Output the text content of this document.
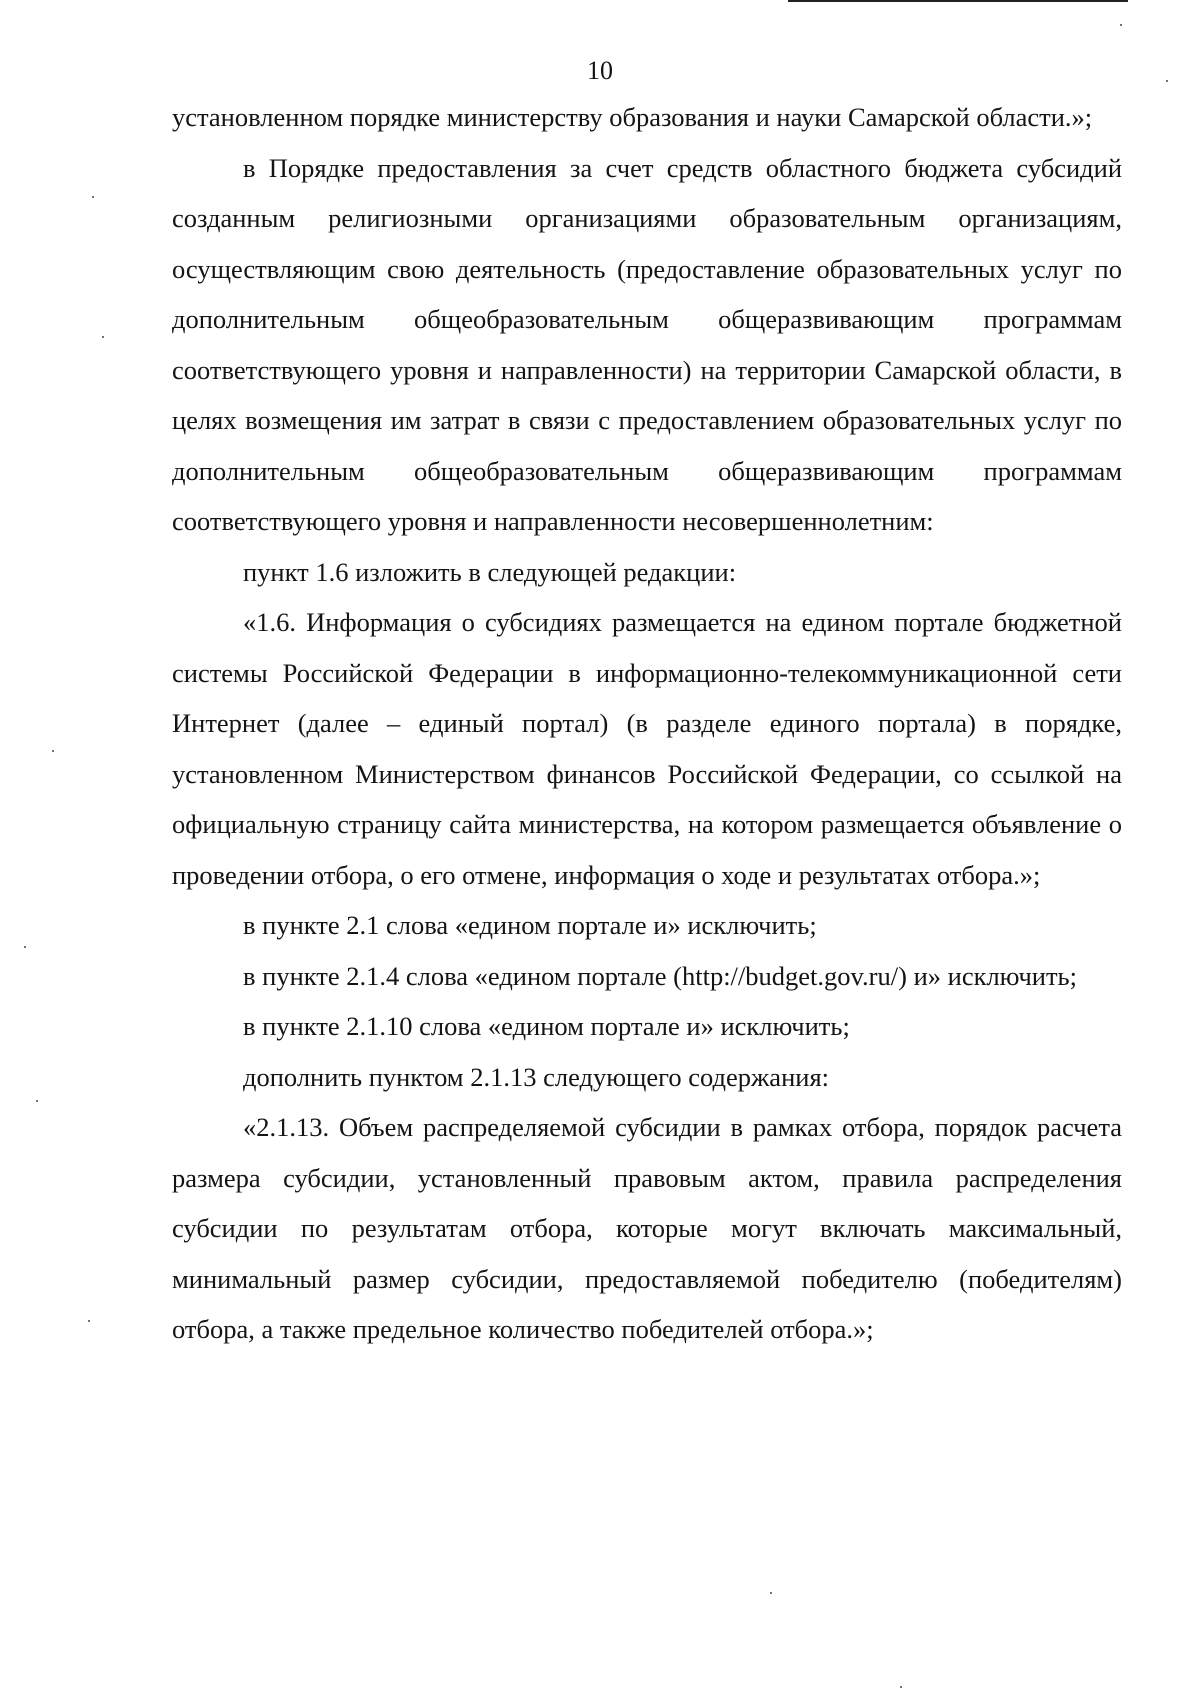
10

установленном порядке министерству образования и науки Самарской области.»;

в Порядке предоставления за счет средств областного бюджета субсидий созданным религиозными организациями образовательным организациям, осуществляющим свою деятельность (предоставление образовательных услуг по дополнительным общеобразовательным общеразвивающим программам соответствующего уровня и направленности) на территории Самарской области, в целях возмещения им затрат в связи с предоставлением образовательных услуг по дополнительным общеобразовательным общеразвивающим программам соответствующего уровня и направленности несовершеннолетним:

пункт 1.6 изложить в следующей редакции:

«1.6. Информация о субсидиях размещается на едином портале бюджетной системы Российской Федерации в информационно-телекоммуникационной сети Интернет (далее – единый портал) (в разделе единого портала) в порядке, установленном Министерством финансов Российской Федерации, со ссылкой на официальную страницу сайта министерства, на котором размещается объявление о проведении отбора, о его отмене, информация о ходе и результатах отбора.»;

в пункте 2.1 слова «едином портале и» исключить;

в пункте 2.1.4 слова «едином портале (http://budget.gov.ru/) и» исключить;

в пункте 2.1.10 слова «едином портале и» исключить;

дополнить пунктом 2.1.13 следующего содержания:

«2.1.13. Объем распределяемой субсидии в рамках отбора, порядок расчета размера субсидии, установленный правовым актом, правила распределения субсидии по результатам отбора, которые могут включать максимальный, минимальный размер субсидии, предоставляемой победителю (победителям) отбора, а также предельное количество победителей отбора.»;
